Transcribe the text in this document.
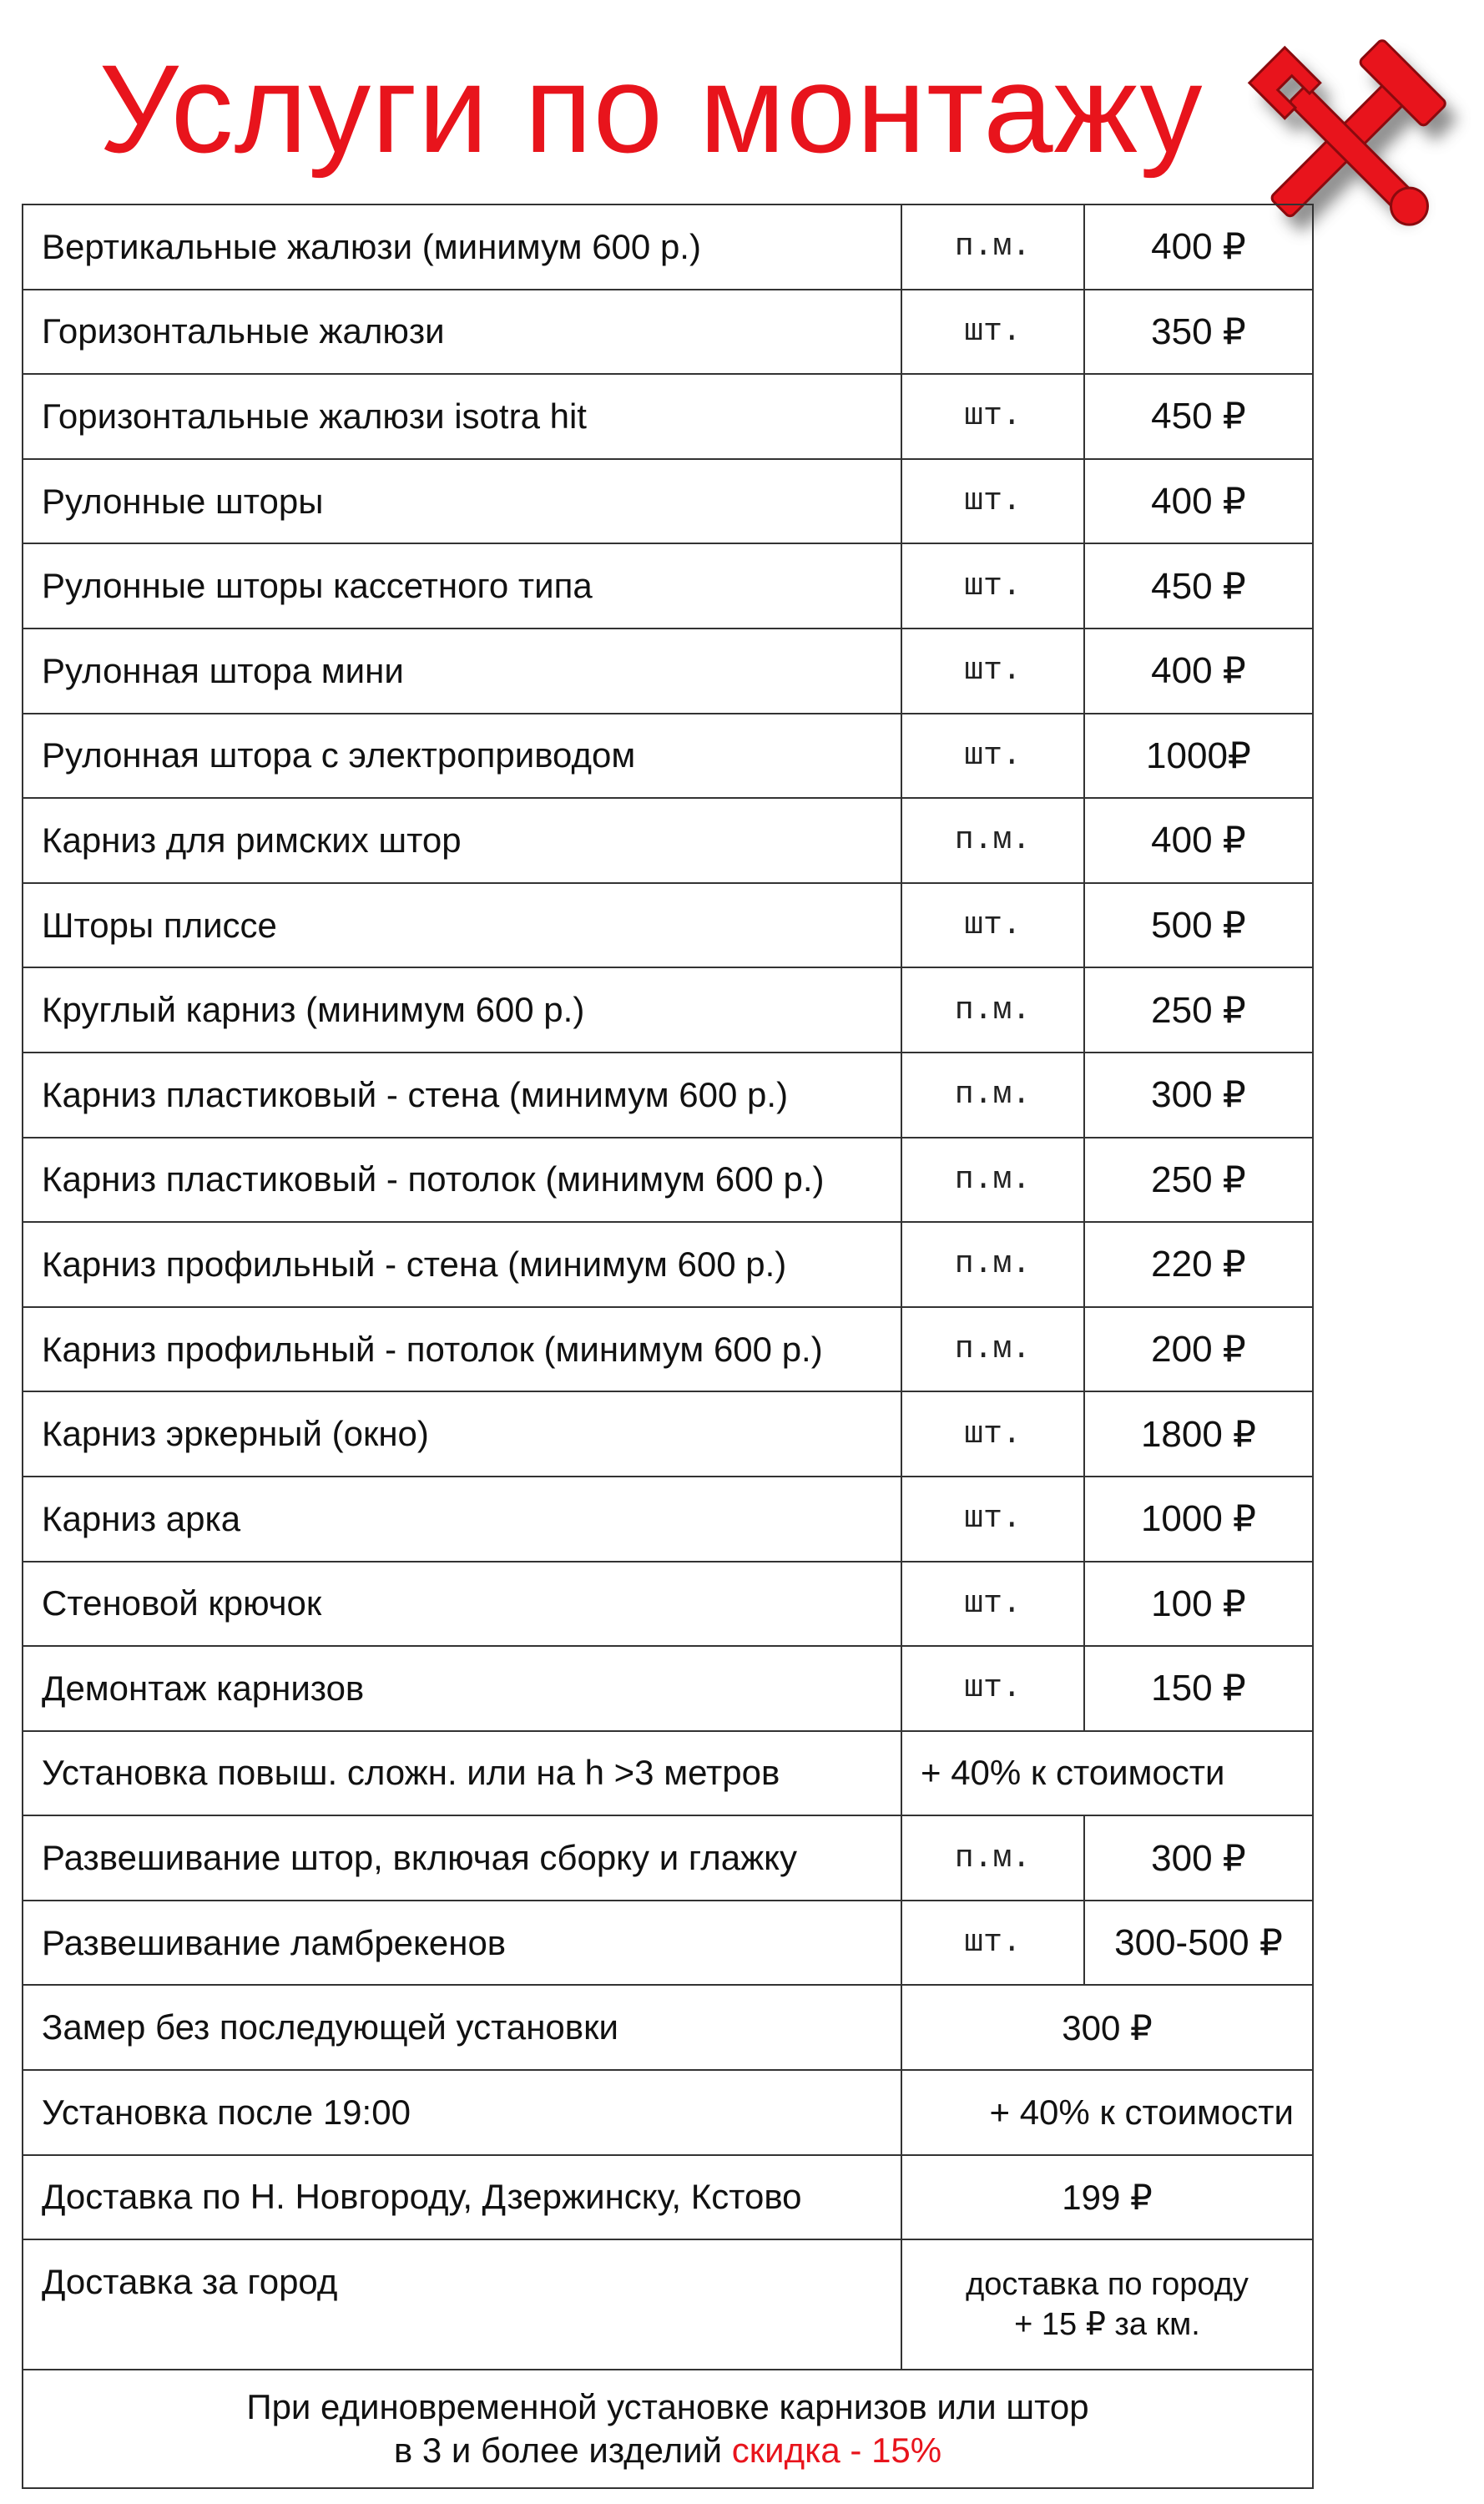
Услуги по монтажу
Вертикальные жалюзи (минимум 600 р.)	п.м.	400 ₽
Горизонтальные жалюзи	шт.	350 ₽
Горизонтальные жалюзи isotra hit	шт.	450 ₽
Рулонные шторы	шт.	400 ₽
Рулонные шторы кассетного типа	шт.	450 ₽
Рулонная штора мини	шт.	400 ₽
Рулонная штора с электроприводом	шт.	1000₽
Карниз для римских штор	п.м.	400 ₽
Шторы плиссе	шт.	500 ₽
Круглый карниз (минимум 600 р.)	п.м.	250 ₽
Карниз пластиковый - стена (минимум 600 р.)	п.м.	300 ₽
Карниз пластиковый - потолок (минимум 600 р.)	п.м.	250 ₽
Карниз профильный - стена (минимум 600 р.)	п.м.	220 ₽
Карниз профильный - потолок (минимум 600 р.)	п.м.	200 ₽
Карниз эркерный (окно)	шт.	1800 ₽
Карниз арка	шт.	1000 ₽
Стеновой крючок	шт.	100 ₽
Демонтаж карнизов	шт.	150 ₽
Установка повыш. сложн. или на h >3 метров	+ 40% к стоимости	
Развешивание штор, включая сборку и глажку	п.м.	300 ₽
Развешивание ламбрекенов	шт.	300-500 ₽
Замер без последующей установки	300 ₽	
Установка после 19:00	+ 40% к стоимости	
Доставка по Н. Новгороду, Дзержинску, Кстово	199 ₽	
Доставка за город	доставка по городу
+ 15 ₽ за км.	

При единовременной установке карнизов или штор
в 3 и более изделий скидка - 15%		
